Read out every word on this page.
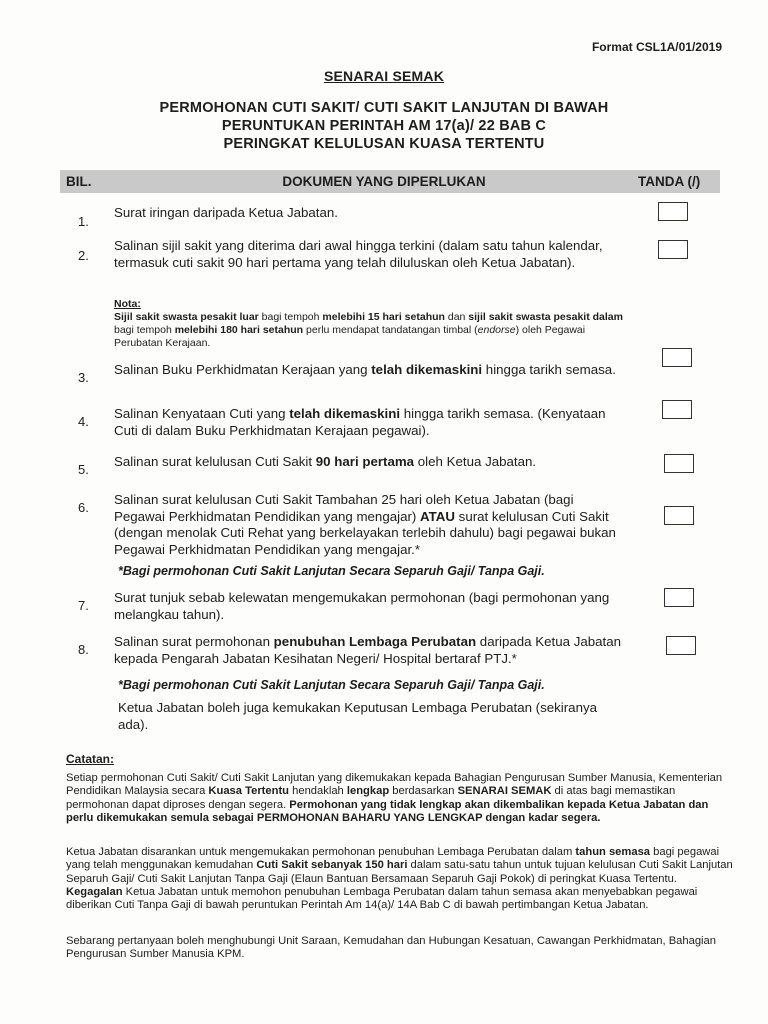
Format CSL1A/01/2019
SENARAI SEMAK
PERMOHONAN CUTI SAKIT/ CUTI SAKIT LANJUTAN DI BAWAH
PERUNTUKAN PERINTAH AM 17(a)/ 22 BAB C
PERINGKAT KELULUSAN KUASA TERTENTU
BIL.	DOKUMEN YANG DIPERLUKAN	TANDA (/)
1.
Surat iringan daripada Ketua Jabatan.
2.
Salinan sijil sakit yang diterima dari awal hingga terkini (dalam satu tahun kalendar, termasuk cuti sakit 90 hari pertama yang telah diluluskan oleh Ketua Jabatan).
Nota:
Sijil sakit swasta pesakit luar bagi tempoh melebihi 15 hari setahun dan sijil sakit swasta pesakit dalam bagi tempoh melebihi 180 hari setahun perlu mendapat tandatangan timbal (endorse) oleh Pegawai Perubatan Kerajaan.
3.
Salinan Buku Perkhidmatan Kerajaan yang telah dikemaskini hingga tarikh semasa.
4.
Salinan Kenyataan Cuti yang telah dikemaskini hingga tarikh semasa. (Kenyataan Cuti di dalam Buku Perkhidmatan Kerajaan pegawai).
5.
Salinan surat kelulusan Cuti Sakit 90 hari pertama oleh Ketua Jabatan.
6.
Salinan surat kelulusan Cuti Sakit Tambahan 25 hari oleh Ketua Jabatan (bagi Pegawai Perkhidmatan Pendidikan yang mengajar) ATAU surat kelulusan Cuti Sakit (dengan menolak Cuti Rehat yang berkelayakan terlebih dahulu) bagi pegawai bukan Pegawai Perkhidmatan Pendidikan yang mengajar.*
*Bagi permohonan Cuti Sakit Lanjutan Secara Separuh Gaji/ Tanpa Gaji.
7.
Surat tunjuk sebab kelewatan mengemukakan permohonan (bagi permohonan yang melangkau tahun).
8.
Salinan surat permohonan penubuhan Lembaga Perubatan daripada Ketua Jabatan kepada Pengarah Jabatan Kesihatan Negeri/ Hospital bertaraf PTJ.*
*Bagi permohonan Cuti Sakit Lanjutan Secara Separuh Gaji/ Tanpa Gaji.
Ketua Jabatan boleh juga kemukakan Keputusan Lembaga Perubatan (sekiranya ada).
Catatan:
Setiap permohonan Cuti Sakit/ Cuti Sakit Lanjutan yang dikemukakan kepada Bahagian Pengurusan Sumber Manusia, Kementerian Pendidikan Malaysia secara Kuasa Tertentu hendaklah lengkap berdasarkan SENARAI SEMAK di atas bagi memastikan permohonan dapat diproses dengan segera. Permohonan yang tidak lengkap akan dikembalikan kepada Ketua Jabatan dan perlu dikemukakan semula sebagai PERMOHONAN BAHARU YANG LENGKAP dengan kadar segera.
Ketua Jabatan disarankan untuk mengemukakan permohonan penubuhan Lembaga Perubatan dalam tahun semasa bagi pegawai yang telah menggunakan kemudahan Cuti Sakit sebanyak 150 hari dalam satu-satu tahun untuk tujuan kelulusan Cuti Sakit Lanjutan Separuh Gaji/ Cuti Sakit Lanjutan Tanpa Gaji (Elaun Bantuan Bersamaan Separuh Gaji Pokok) di peringkat Kuasa Tertentu. Kegagalan Ketua Jabatan untuk memohon penubuhan Lembaga Perubatan dalam tahun semasa akan menyebabkan pegawai diberikan Cuti Tanpa Gaji di bawah peruntukan Perintah Am 14(a)/ 14A Bab C di bawah pertimbangan Ketua Jabatan.
Sebarang pertanyaan boleh menghubungi Unit Saraan, Kemudahan dan Hubungan Kesatuan, Cawangan Perkhidmatan, Bahagian Pengurusan Sumber Manusia KPM.
